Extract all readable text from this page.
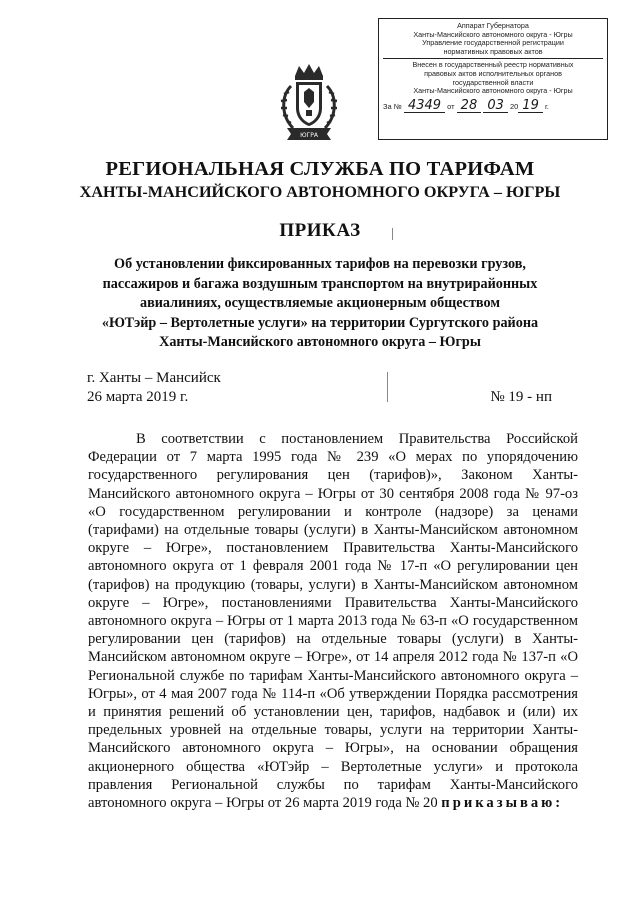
Аппарат Губернатора
Ханты-Мансийского автономного округа - Югры
Управление государственной регистрации
нормативных правовых актов
Внесен в государственный реестр нормативных
правовых актов исполнительных органов
государственной власти
Ханты-Мансийского автономного округа - Югры
За № 4349 от 28 03 20 19 г.
ЮГРА
РЕГИОНАЛЬНАЯ СЛУЖБА ПО ТАРИФАМ
ХАНТЫ-МАНСИЙСКОГО АВТОНОМНОГО ОКРУГА – ЮГРЫ
ПРИКАЗ
Об установлении фиксированных тарифов на перевозки грузов,
пассажиров и багажа воздушным транспортом на внутрирайонных
авиалиниях, осуществляемые акционерным обществом
«ЮТэйр – Вертолетные услуги» на территории Сургутского района
Ханты-Мансийского автономного округа – Югры
г. Ханты – Мансийск
26 марта 2019 г.	№ 19 - нп
В соответствии с постановлением Правительства Российской Федерации от 7 марта 1995 года № 239 «О мерах по упорядочению государственного регулирования цен (тарифов)», Законом Ханты-Мансийского автономного округа – Югры от 30 сентября 2008 года № 97-оз «О государственном регулировании и контроле (надзоре) за ценами (тарифами) на отдельные товары (услуги) в Ханты-Мансийском автономном округе – Югре», постановлением Правительства Ханты-Мансийского автономного округа от 1 февраля 2001 года № 17-п «О регулировании цен (тарифов) на продукцию (товары, услуги) в Ханты-Мансийском автономном округе – Югре», постановлениями Правительства Ханты-Мансийского автономного округа – Югры от 1 марта 2013 года № 63-п «О государственном регулировании цен (тарифов) на отдельные товары (услуги) в Ханты-Мансийском автономном округе – Югре», от 14 апреля 2012 года № 137-п «О Региональной службе по тарифам Ханты-Мансийского автономного округа – Югры», от 4 мая 2007 года № 114-п «Об утверждении Порядка рассмотрения и принятия решений об установлении цен, тарифов, надбавок и (или) их предельных уровней на отдельные товары, услуги на территории Ханты-Мансийского автономного округа – Югры», на основании обращения акционерного общества «ЮТэйр – Вертолетные услуги» и протокола правления Региональной службы по тарифам Ханты-Мансийского автономного округа – Югры от 26 марта 2019 года № 20 приказываю:
